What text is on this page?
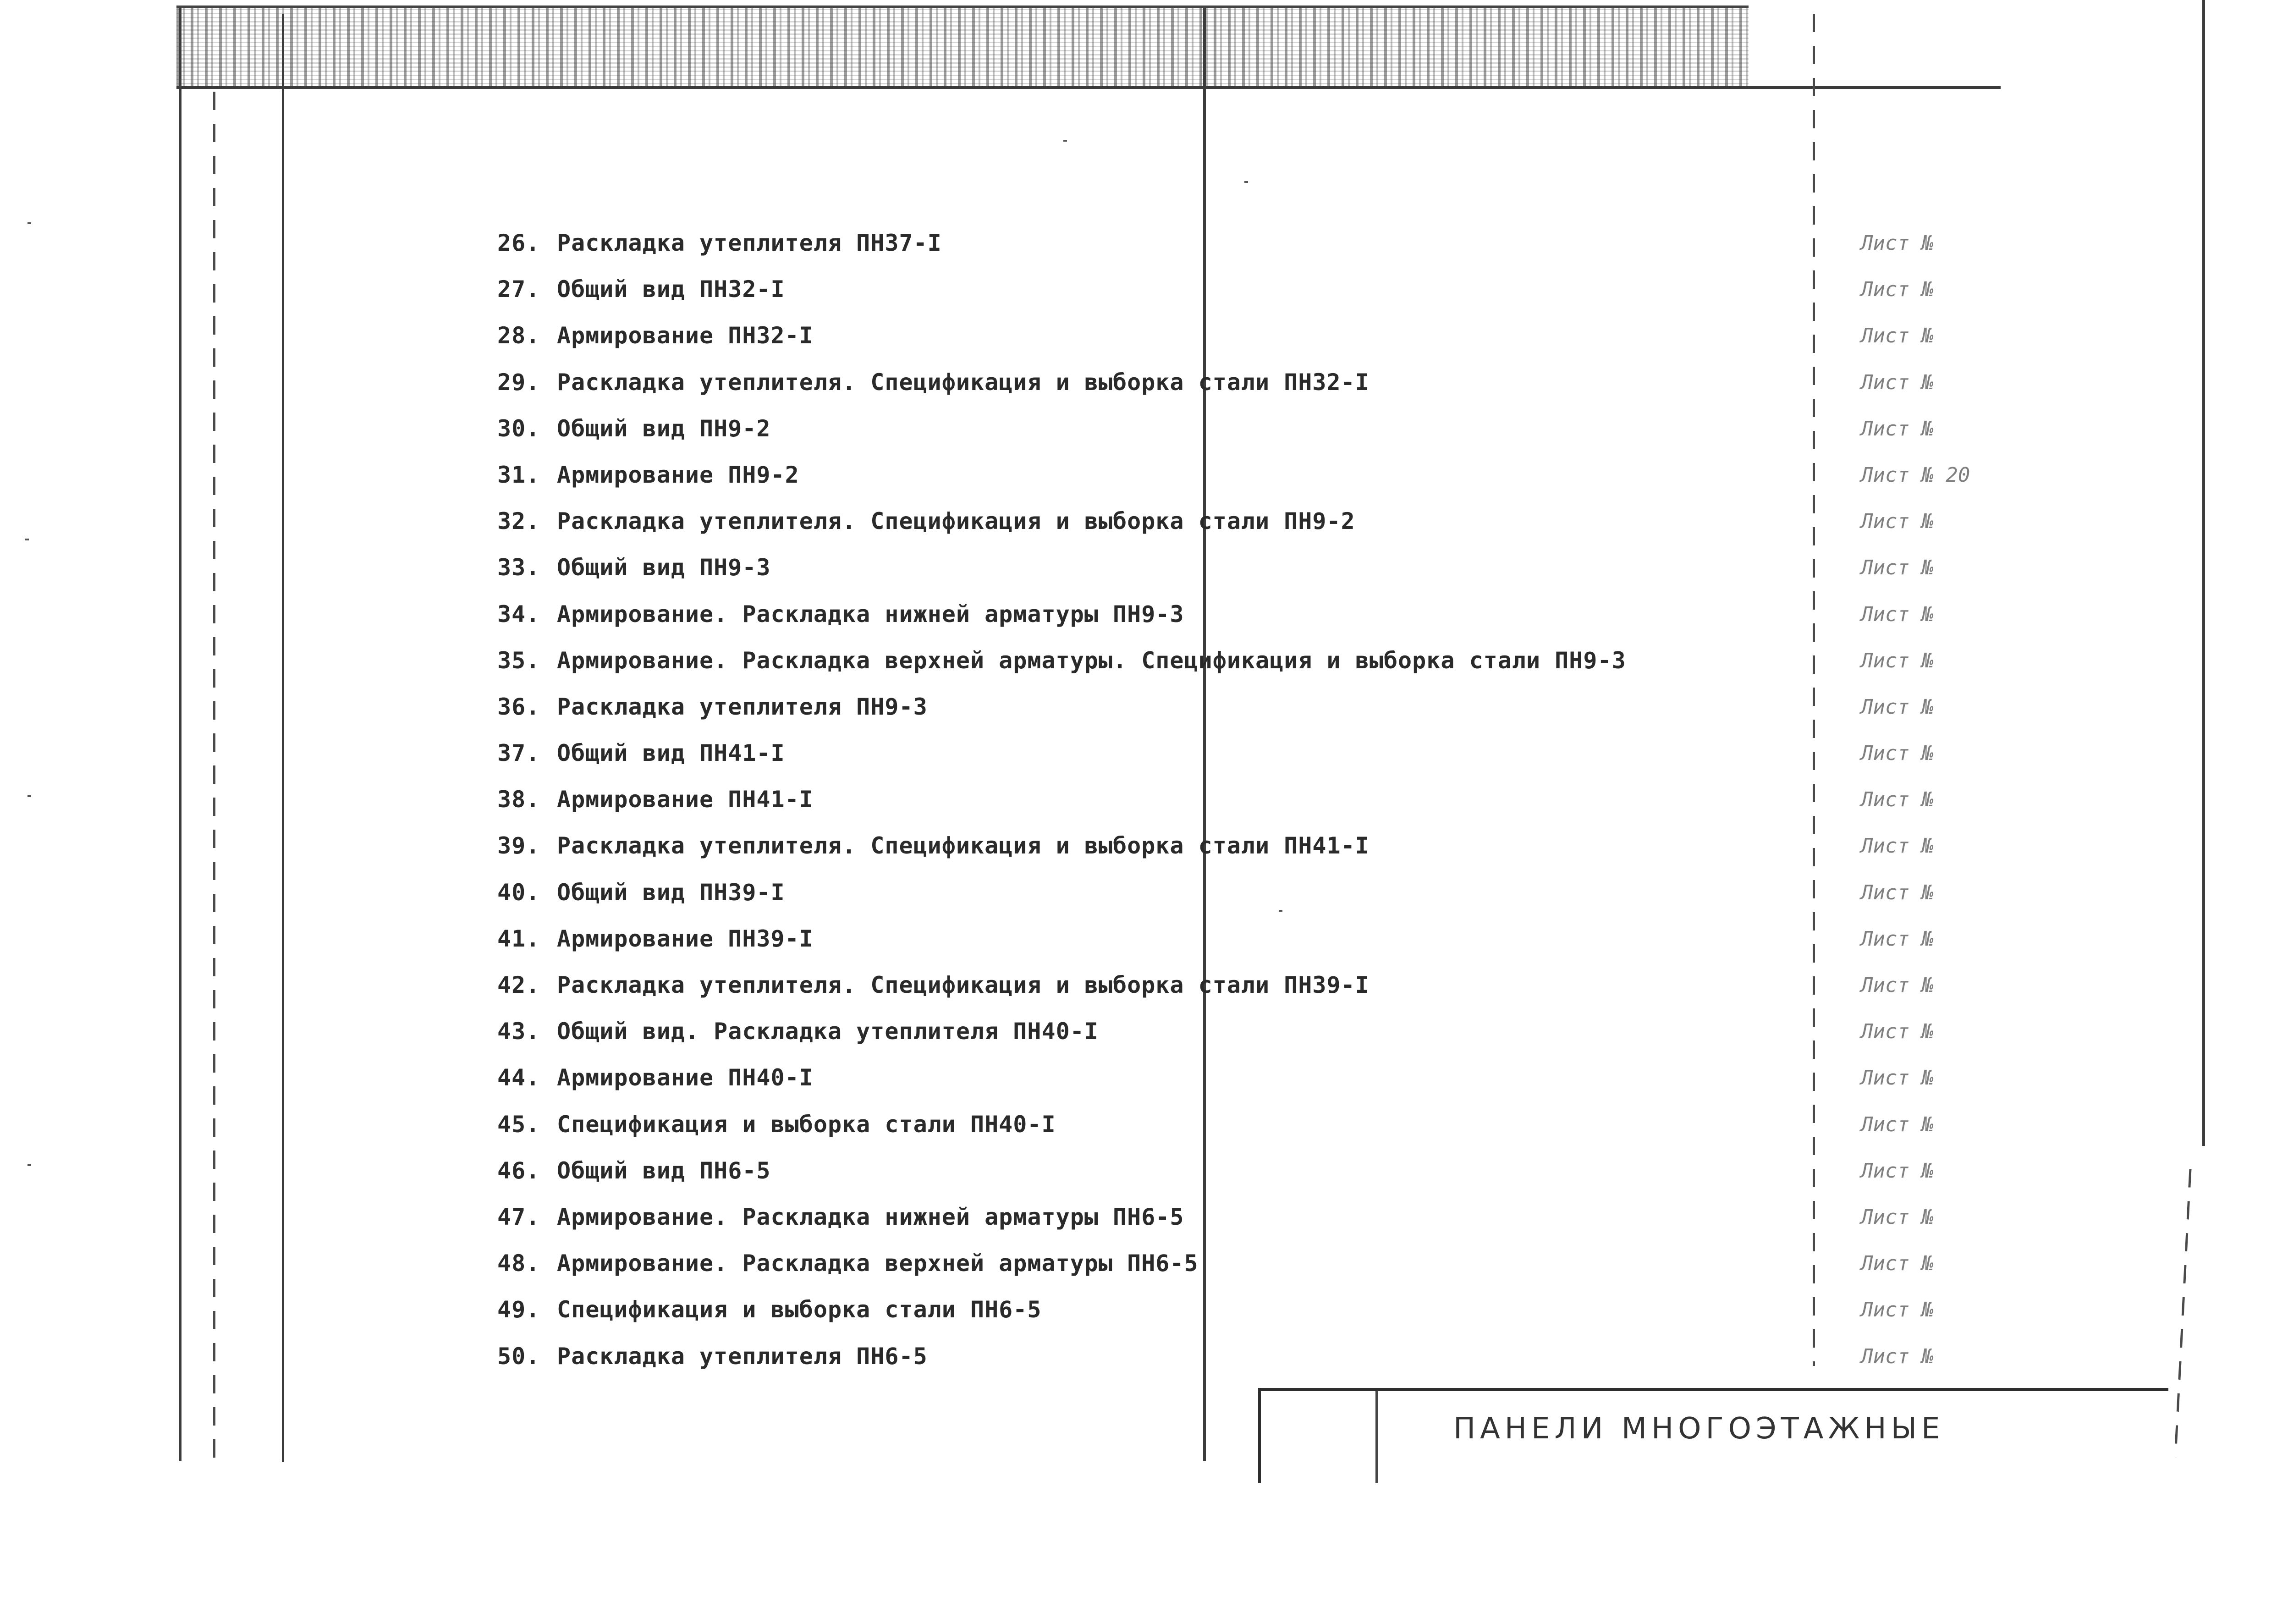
26. Раскладка утеплителя ПН37-I
27. Общий вид ПН32-I
28. Армирование ПН32-I
29. Раскладка утеплителя. Спецификация и выборка стали ПН32-I
30. Общий вид ПН9-2
31. Армирование ПН9-2
32. Раскладка утеплителя. Спецификация и выборка стали ПН9-2
33. Общий вид ПН9-3
34. Армирование. Раскладка нижней арматуры ПН9-3
35. Армирование. Раскладка верхней арматуры. Спецификация и выборка стали ПН9-3
36. Раскладка утеплителя ПН9-3
37. Общий вид ПН41-I
38. Армирование ПН41-I
39. Раскладка утеплителя. Спецификация и выборка стали ПН41-I
40. Общий вид ПН39-I
41. Армирование ПН39-I
42. Раскладка утеплителя. Спецификация и выборка стали ПН39-I
43. Общий вид. Раскладка утеплителя ПН40-I
44. Армирование ПН40-I
45. Спецификация и выборка стали ПН40-I
46. Общий вид ПН6-5
47. Армирование. Раскладка нижней арматуры ПН6-5
48. Армирование. Раскладка верхней арматуры ПН6-5
49. Спецификация и выборка стали ПН6-5
50. Раскладка утеплителя ПН6-5
Лист №
Лист №
Лист №
Лист №
Лист №
Лист № 20
Лист №
Лист №
Лист №
Лист №
Лист №
Лист №
Лист №
Лист №
Лист №
Лист №
Лист №
Лист №
Лист №
Лист №
Лист №
Лист №
Лист №
Лист №
Лист №
ПАНЕЛИ МНОГОЭТАЖНЫЕ
